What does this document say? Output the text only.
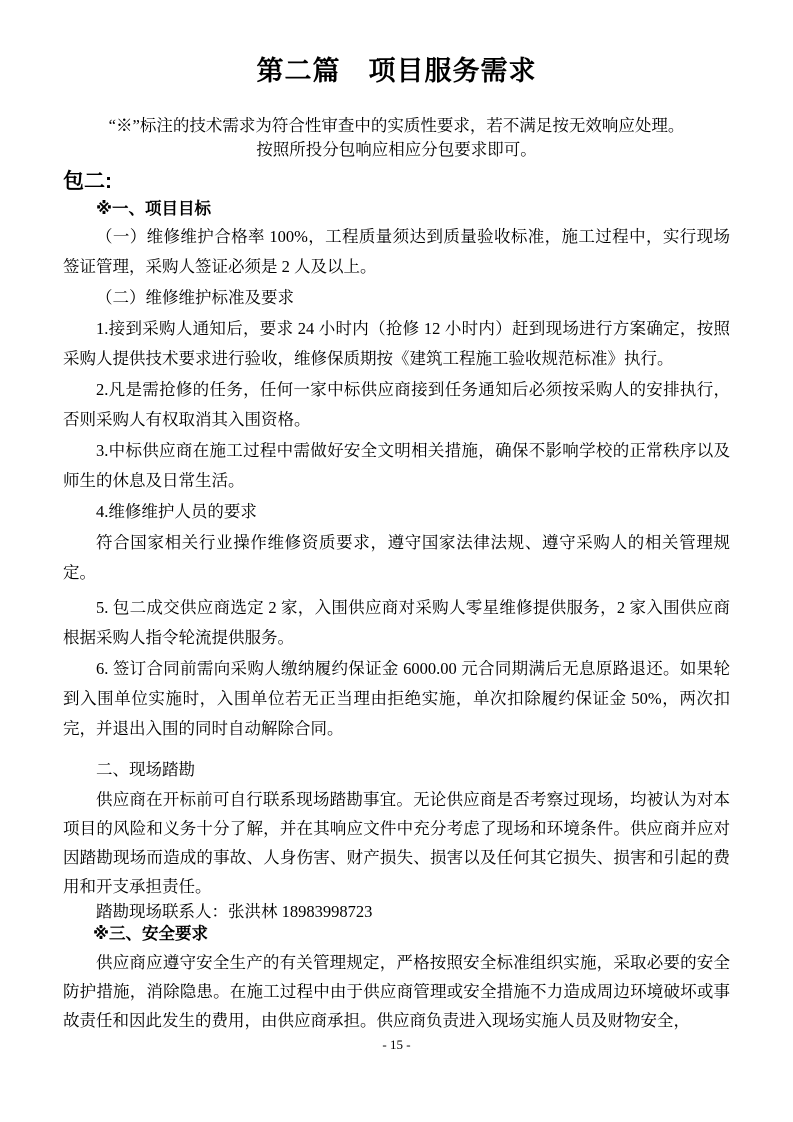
第二篇　项目服务需求

“※”标注的技术需求为符合性审查中的实质性要求，若不满足按无效响应处理。

按照所投分包响应相应分包要求即可。

包二:
※一、项目目标

（一）维修维护合格率 100%，工程质量须达到质量验收标准，施工过程中，实行现场签证管理，采购人签证必须是 2 人及以上。

（二）维修维护标准及要求

1.接到采购人通知后，要求 24 小时内（抢修 12 小时内）赶到现场进行方案确定，按照采购人提供技术要求进行验收，维修保质期按《建筑工程施工验收规范标准》执行。

2.凡是需抢修的任务，任何一家中标供应商接到任务通知后必须按采购人的安排执行，否则采购人有权取消其入围资格。

3.中标供应商在施工过程中需做好安全文明相关措施，确保不影响学校的正常秩序以及师生的休息及日常生活。

4.维修维护人员的要求

符合国家相关行业操作维修资质要求，遵守国家法律法规、遵守采购人的相关管理规定。

5. 包二成交供应商选定 2 家，入围供应商对采购人零星维修提供服务，2 家入围供应商根据采购人指令轮流提供服务。

6. 签订合同前需向采购人缴纳履约保证金 6000.00 元合同期满后无息原路退还。如果轮到入围单位实施时，入围单位若无正当理由拒绝实施，单次扣除履约保证金 50%，两次扣完，并退出入围的同时自动解除合同。

二、现场踏勘

供应商在开标前可自行联系现场踏勘事宜。无论供应商是否考察过现场，均被认为对本项目的风险和义务十分了解，并在其响应文件中充分考虑了现场和环境条件。供应商并应对因踏勘现场而造成的事故、人身伤害、财产损失、损害以及任何其它损失、损害和引起的费用和开支承担责任。

踏勘现场联系人：张洪林 18983998723

※三、安全要求

供应商应遵守安全生产的有关管理规定，严格按照安全标准组织实施，采取必要的安全防护措施，消除隐患。在施工过程中由于供应商管理或安全措施不力造成周边环境破坏或事故责任和因此发生的费用，由供应商承担。供应商负责进入现场实施人员及财物安全，

- 15 -
